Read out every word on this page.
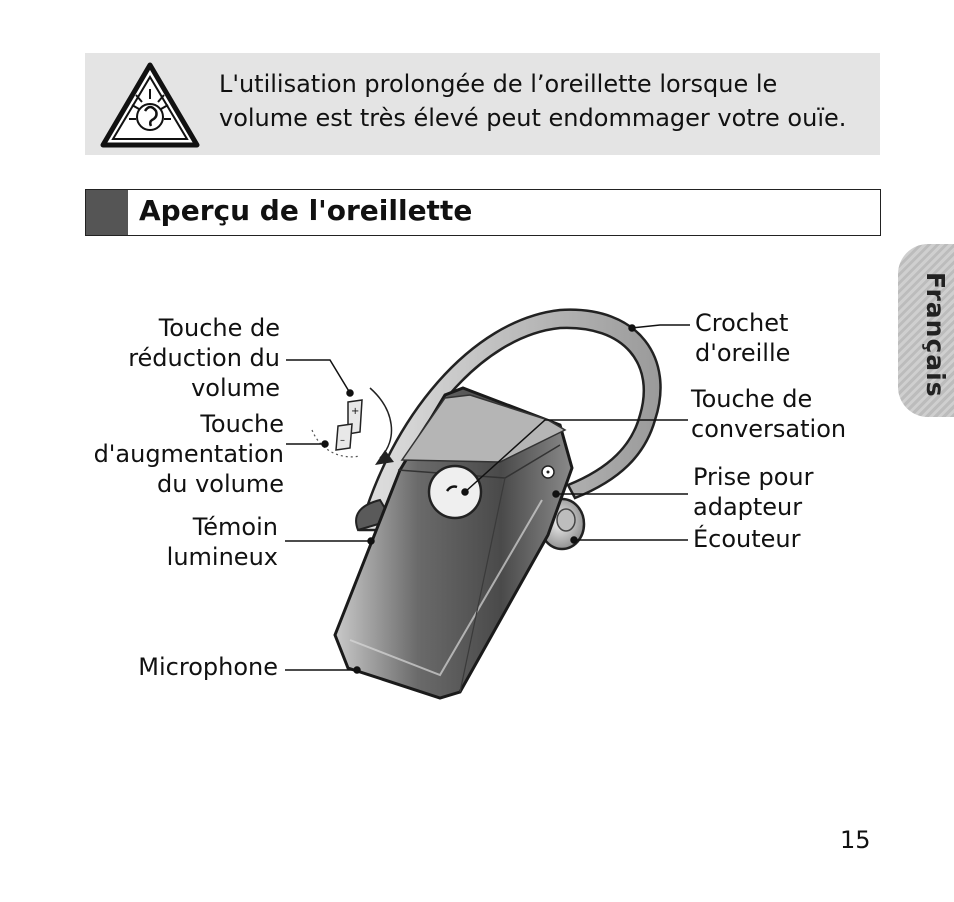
L'utilisation prolongée de l’oreillette lorsque le volume est très élevé peut endommager votre ouïe.
Aperçu de l'oreillette
Français
+
–
Touche de
réduction du
volume
Touche
d'augmentation
du volume
Témoin
lumineux
Microphone
Crochet
d'oreille
Touche de
conversation
Prise pour
adapteur
Écouteur
15
